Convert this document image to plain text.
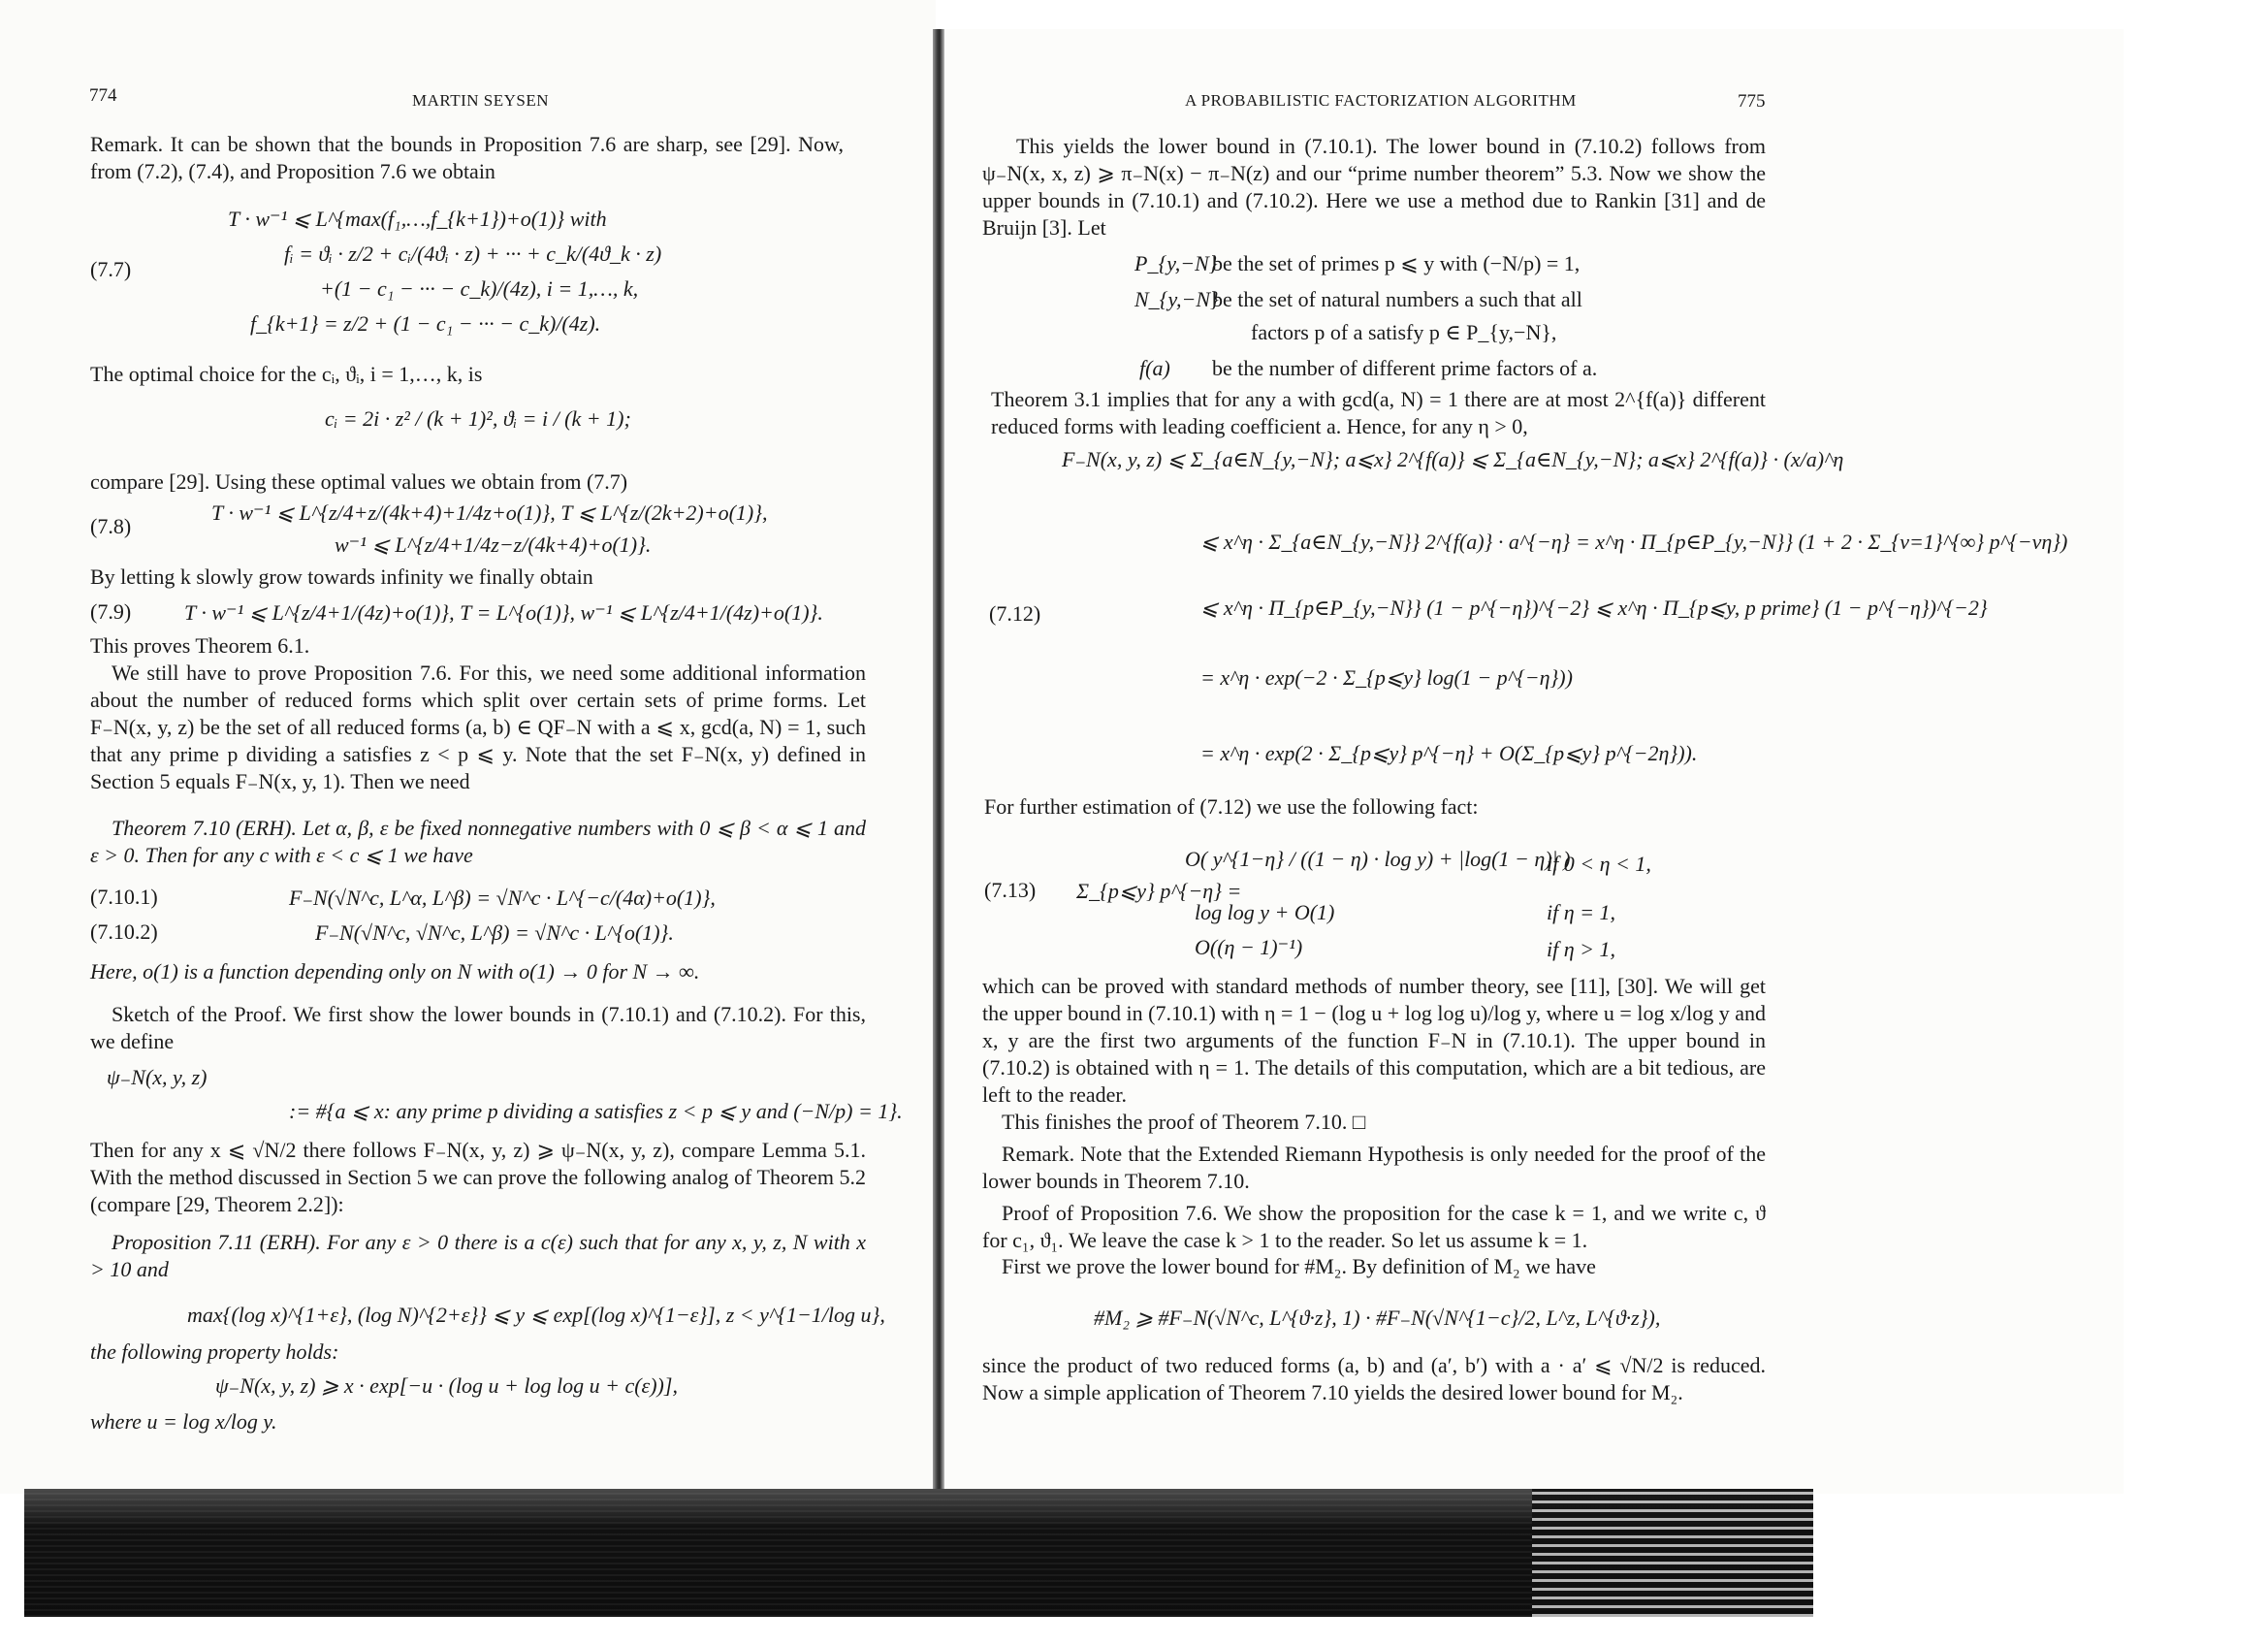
774	MARTIN SEYSEN
Remark. It can be shown that the bounds in Proposition 7.6 are sharp, see [29]. Now, from (7.2), (7.4), and Proposition 7.6 we obtain
(7.7)
T · w⁻¹ ⩽ L^{max(f₁,…,f_{k+1})+o(1)} with
fᵢ = ϑᵢ · z/2 + cᵢ/(4ϑᵢ · z) + ··· + c_k/(4ϑ_k · z)
+(1 − c₁ − ··· − c_k)/(4z), i = 1,…, k,
f_{k+1} = z/2 + (1 − c₁ − ··· − c_k)/(4z).
The optimal choice for the cᵢ, ϑᵢ, i = 1,…, k, is
cᵢ = 2i · z² / (k + 1)², ϑᵢ = i / (k + 1);
compare [29]. Using these optimal values we obtain from (7.7)
(7.8)
T · w⁻¹ ⩽ L^{z/4+z/(4k+4)+1/4z+o(1)}, T ⩽ L^{z/(2k+2)+o(1)},
w⁻¹ ⩽ L^{z/4+1/4z−z/(4k+4)+o(1)}.
By letting k slowly grow towards infinity we finally obtain
(7.9) T · w⁻¹ ⩽ L^{z/4+1/(4z)+o(1)}, T = L^{o(1)}, w⁻¹ ⩽ L^{z/4+1/(4z)+o(1)}.
This proves Theorem 6.1.
We still have to prove Proposition 7.6. For this, we need some additional information about the number of reduced forms which split over certain sets of prime forms. Let F₋N(x, y, z) be the set of all reduced forms (a, b) ∈ QF₋N with a ⩽ x, gcd(a, N) = 1, such that any prime p dividing a satisfies z < p ⩽ y. Note that the set F₋N(x, y) defined in Section 5 equals F₋N(x, y, 1). Then we need
Theorem 7.10 (ERH). Let α, β, ε be fixed nonnegative numbers with 0 ⩽ β < α ⩽ 1 and ε > 0. Then for any c with ε < c ⩽ 1 we have
(7.10.1)	F₋N(√N^c, L^α, L^β) = √N^c · L^{−c/(4α)+o(1)},
(7.10.2)	F₋N(√N^c, √N^c, L^β) = √N^c · L^{o(1)}.
Here, o(1) is a function depending only on N with o(1) → 0 for N → ∞.
Sketch of the Proof. We first show the lower bounds in (7.10.1) and (7.10.2). For this, we define
ψ₋N(x, y, z)
:= #{a ⩽ x: any prime p dividing a satisfies z < p ⩽ y and (−N/p) = 1}.
Then for any x ⩽ √N/2 there follows F₋N(x, y, z) ⩾ ψ₋N(x, y, z), compare Lemma 5.1. With the method discussed in Section 5 we can prove the following analog of Theorem 5.2 (compare [29, Theorem 2.2]):
Proposition 7.11 (ERH). For any ε > 0 there is a c(ε) such that for any x, y, z, N with x > 10 and
max{(log x)^{1+ε}, (log N)^{2+ε}} ⩽ y ⩽ exp[(log x)^{1−ε}], z < y^{1−1/log u},
the following property holds:
ψ₋N(x, y, z) ⩾ x · exp[−u · (log u + log log u + c(ε))],
where u = log x/log y.
A PROBABILISTIC FACTORIZATION ALGORITHM	775
This yields the lower bound in (7.10.1). The lower bound in (7.10.2) follows from ψ₋N(x, x, z) ⩾ π₋N(x) − π₋N(z) and our “prime number theorem” 5.3. Now we show the upper bounds in (7.10.1) and (7.10.2). Here we use a method due to Rankin [31] and de Bruijn [3]. Let
P_{y,−N}
be the set of primes p ⩽ y with (−N/p) = 1,
N_{y,−N}
be the set of natural numbers a such that all
factors p of a satisfy p ∈ P_{y,−N},
f(a) be the number of different prime factors of a.
Theorem 3.1 implies that for any a with gcd(a, N) = 1 there are at most 2^{f(a)} different reduced forms with leading coefficient a. Hence, for any η > 0,
(7.12)
F₋N(x, y, z) ⩽ Σ_{a∈N_{y,−N}; a⩽x} 2^{f(a)} ⩽ Σ_{a∈N_{y,−N}; a⩽x} 2^{f(a)} · (x/a)^η
⩽ x^η · Σ_{a∈N_{y,−N}} 2^{f(a)} · a^{−η} = x^η · Π_{p∈P_{y,−N}} (1 + 2 · Σ_{ν=1}^{∞} p^{−νη})
⩽ x^η · Π_{p∈P_{y,−N}} (1 − p^{−η})^{−2} ⩽ x^η · Π_{p⩽y, p prime} (1 − p^{−η})^{−2}
= x^η · exp(−2 · Σ_{p⩽y} log(1 − p^{−η}))
= x^η · exp(2 · Σ_{p⩽y} p^{−η} + O(Σ_{p⩽y} p^{−2η})).
For further estimation of (7.12) we use the following fact:
(7.13) Σ_{p⩽y} p^{−η} =
O( y^{1−η} / ((1 − η) · log y) + |log(1 − η)| )
if 0 < η < 1,
log log y + O(1)	if η = 1,
O((η − 1)⁻¹)	if η > 1,
which can be proved with standard methods of number theory, see [11], [30]. We will get the upper bound in (7.10.1) with η = 1 − (log u + log log u)/log y, where u = log x/log y and x, y are the first two arguments of the function F₋N in (7.10.1). The upper bound in (7.10.2) is obtained with η = 1. The details of this computation, which are a bit tedious, are left to the reader.
This finishes the proof of Theorem 7.10. □
Remark. Note that the Extended Riemann Hypothesis is only needed for the proof of the lower bounds in Theorem 7.10.
Proof of Proposition 7.6. We show the proposition for the case k = 1, and we write c, ϑ for c₁, ϑ₁. We leave the case k > 1 to the reader. So let us assume k = 1.
First we prove the lower bound for #M₂. By definition of M₂ we have
#M₂ ⩾ #F₋N(√N^c, L^{ϑ·z}, 1) · #F₋N(√N^{1−c}/2, L^z, L^{ϑ·z}),
since the product of two reduced forms (a, b) and (a′, b′) with a · a′ ⩽ √N/2 is reduced. Now a simple application of Theorem 7.10 yields the desired lower bound for M₂.
